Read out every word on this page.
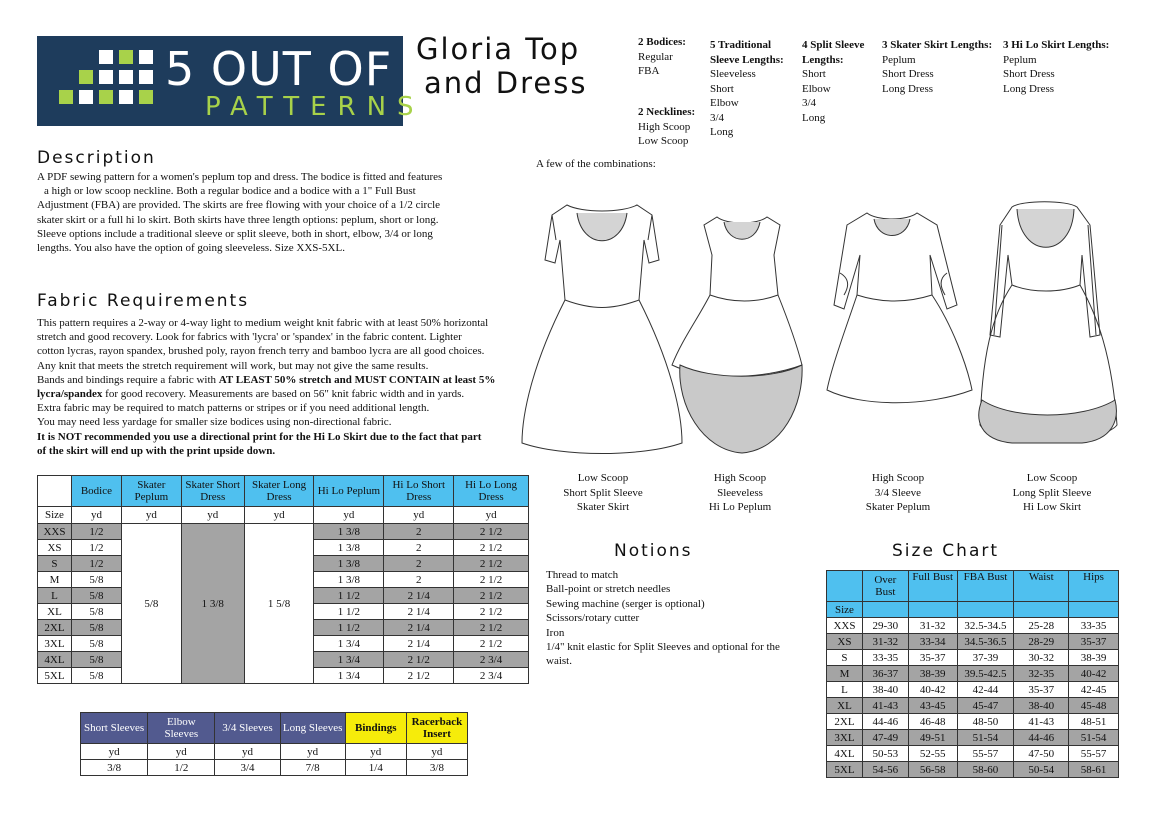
5 OUT OF 4
PATTERNS
Gloria Top
and Dress
2 Bodices:
Regular
FBA
2 Necklines:
High Scoop
Low Scoop
5 Traditional
Sleeve Lengths:
Sleeveless
Short
Elbow
3/4
Long
4 Split Sleeve
Lengths:
Short
Elbow
3/4
Long
3 Skater Skirt Lengths:
Peplum
Short Dress
Long Dress
3 Hi Lo Skirt Lengths:
Peplum
Short Dress
Long Dress
Description

A PDF sewing pattern for a women's peplum top and dress. The bodice is fitted and features

a high or low scoop neckline. Both a regular bodice and a bodice with a 1" Full Bust

Adjustment (FBA) are provided. The skirts are free flowing with your choice of a 1/2 circle

skater skirt or a full hi lo skirt. Both skirts have three length options: peplum, short or long.

Sleeve options include a traditional sleeve or split sleeve, both in short, elbow, 3/4 or long

lengths. You also have the option of going sleeveless. Size XXS-5XL.

Fabric Requirements

This pattern requires a 2-way or 4-way light to medium weight knit fabric with at least 50% horizontal

stretch and good recovery. Look for fabrics with 'lycra' or 'spandex' in the fabric content. Lighter

cotton lycras, rayon spandex, brushed poly, rayon french terry and bamboo lycra are all good choices.

Any knit that meets the stretch requirement will work, but may not give the same results.

Bands and bindings require a fabric with AT LEAST 50% stretch and MUST CONTAIN at least 5%

lycra/spandex for good recovery. Measurements are based on 56" knit fabric width and in yards.

Extra fabric may be required to match patterns or stripes or if you need additional length.

You may need less yardage for smaller size bodices using non-directional fabric.

It is NOT recommended you use a directional print for the Hi Lo Skirt due to the fact that part

of the skirt will end up with the print upside down.

	Bodice	Skater Peplum	Skater Short Dress	Skater Long Dress	Hi Lo Peplum	Hi Lo Short Dress	Hi Lo Long Dress
Size	yd	yd	yd	yd	yd	yd	yd
XXS	1/2	5/8	1 3/8	1 5/8	1 3/8	2	2 1/2
XS	1/2				1 3/8	2	2 1/2
S	1/2				1 3/8	2	2 1/2
M	5/8				1 3/8	2	2 1/2
L	5/8				1 1/2	2 1/4	2 1/2
XL	5/8				1 1/2	2 1/4	2 1/2
2XL	5/8				1 1/2	2 1/4	2 1/2
3XL	5/8				1 3/4	2 1/4	2 1/2
4XL	5/8				1 3/4	2 1/2	2 3/4
5XL	5/8				1 3/4	2 1/2	2 3/4
Short Sleeves	Elbow Sleeves	3/4 Sleeves	Long Sleeves	Bindings	Racerback Insert
yd	yd	yd	yd	yd	yd
3/8	1/2	3/4	7/8	1/4	3/8
A few of the combinations:
Low Scoop
Short Split Sleeve
Skater Skirt
High Scoop
Sleeveless
Hi Lo Peplum
High Scoop
3/4 Sleeve
Skater Peplum
Low Scoop
Long Split Sleeve
Hi Low Skirt
Notions
Thread to match
Ball-point or stretch needles
Sewing machine (serger is optional)
Scissors/rotary cutter
Iron
1/4" knit elastic for Split Sleeves and optional for the
waist.
Size Chart
	Over Bust	Full Bust	FBA Bust	Waist	Hips
Size					
XXS	29-30	31-32	32.5-34.5	25-28	33-35
XS	31-32	33-34	34.5-36.5	28-29	35-37
S	33-35	35-37	37-39	30-32	38-39
M	36-37	38-39	39.5-42.5	32-35	40-42
L	38-40	40-42	42-44	35-37	42-45
XL	41-43	43-45	45-47	38-40	45-48
2XL	44-46	46-48	48-50	41-43	48-51
3XL	47-49	49-51	51-54	44-46	51-54
4XL	50-53	52-55	55-57	47-50	55-57
5XL	54-56	56-58	58-60	50-54	58-61
